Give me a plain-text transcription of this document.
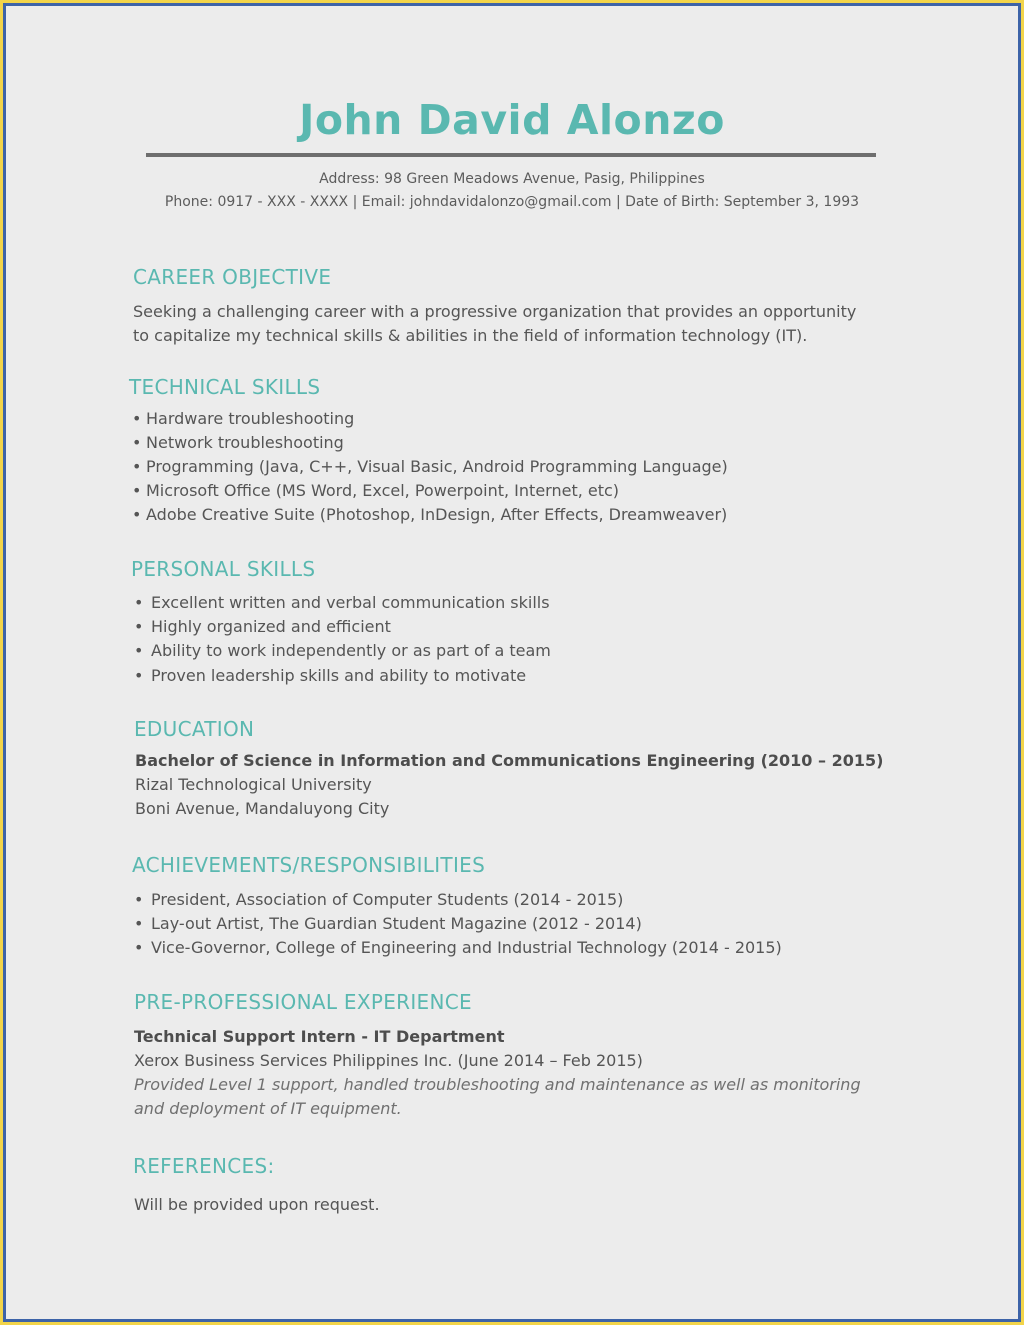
John David Alonzo
Address: 98 Green Meadows Avenue, Pasig, Philippines
Phone: 0917 - XXX - XXXX | Email: johndavidalonzo@gmail.com | Date of Birth: September 3, 1993
CAREER OBJECTIVE
Seeking a challenging career with a progressive organization that provides an opportunity
to capitalize my technical skills & abilities in the field of information technology (IT).
TECHNICAL SKILLS
• Hardware troubleshooting
• Network troubleshooting
• Programming (Java, C++, Visual Basic, Android Programming Language)
• Microsoft Office (MS Word, Excel, Powerpoint, Internet, etc)
• Adobe Creative Suite (Photoshop, InDesign, After Effects, Dreamweaver)
PERSONAL SKILLS
• Excellent written and verbal communication skills
• Highly organized and efficient
• Ability to work independently or as part of a team
• Proven leadership skills and ability to motivate
EDUCATION
Bachelor of Science in Information and Communications Engineering (2010 – 2015)
Rizal Technological University
Boni Avenue, Mandaluyong City
ACHIEVEMENTS/RESPONSIBILITIES
• President, Association of Computer Students (2014 - 2015)
• Lay-out Artist, The Guardian Student Magazine (2012 - 2014)
• Vice-Governor, College of Engineering and Industrial Technology (2014 - 2015)
PRE-PROFESSIONAL EXPERIENCE
Technical Support Intern - IT Department
Xerox Business Services Philippines Inc. (June 2014 – Feb 2015)
Provided Level 1 support, handled troubleshooting and maintenance as well as monitoring
and deployment of IT equipment.
REFERENCES:
Will be provided upon request.
